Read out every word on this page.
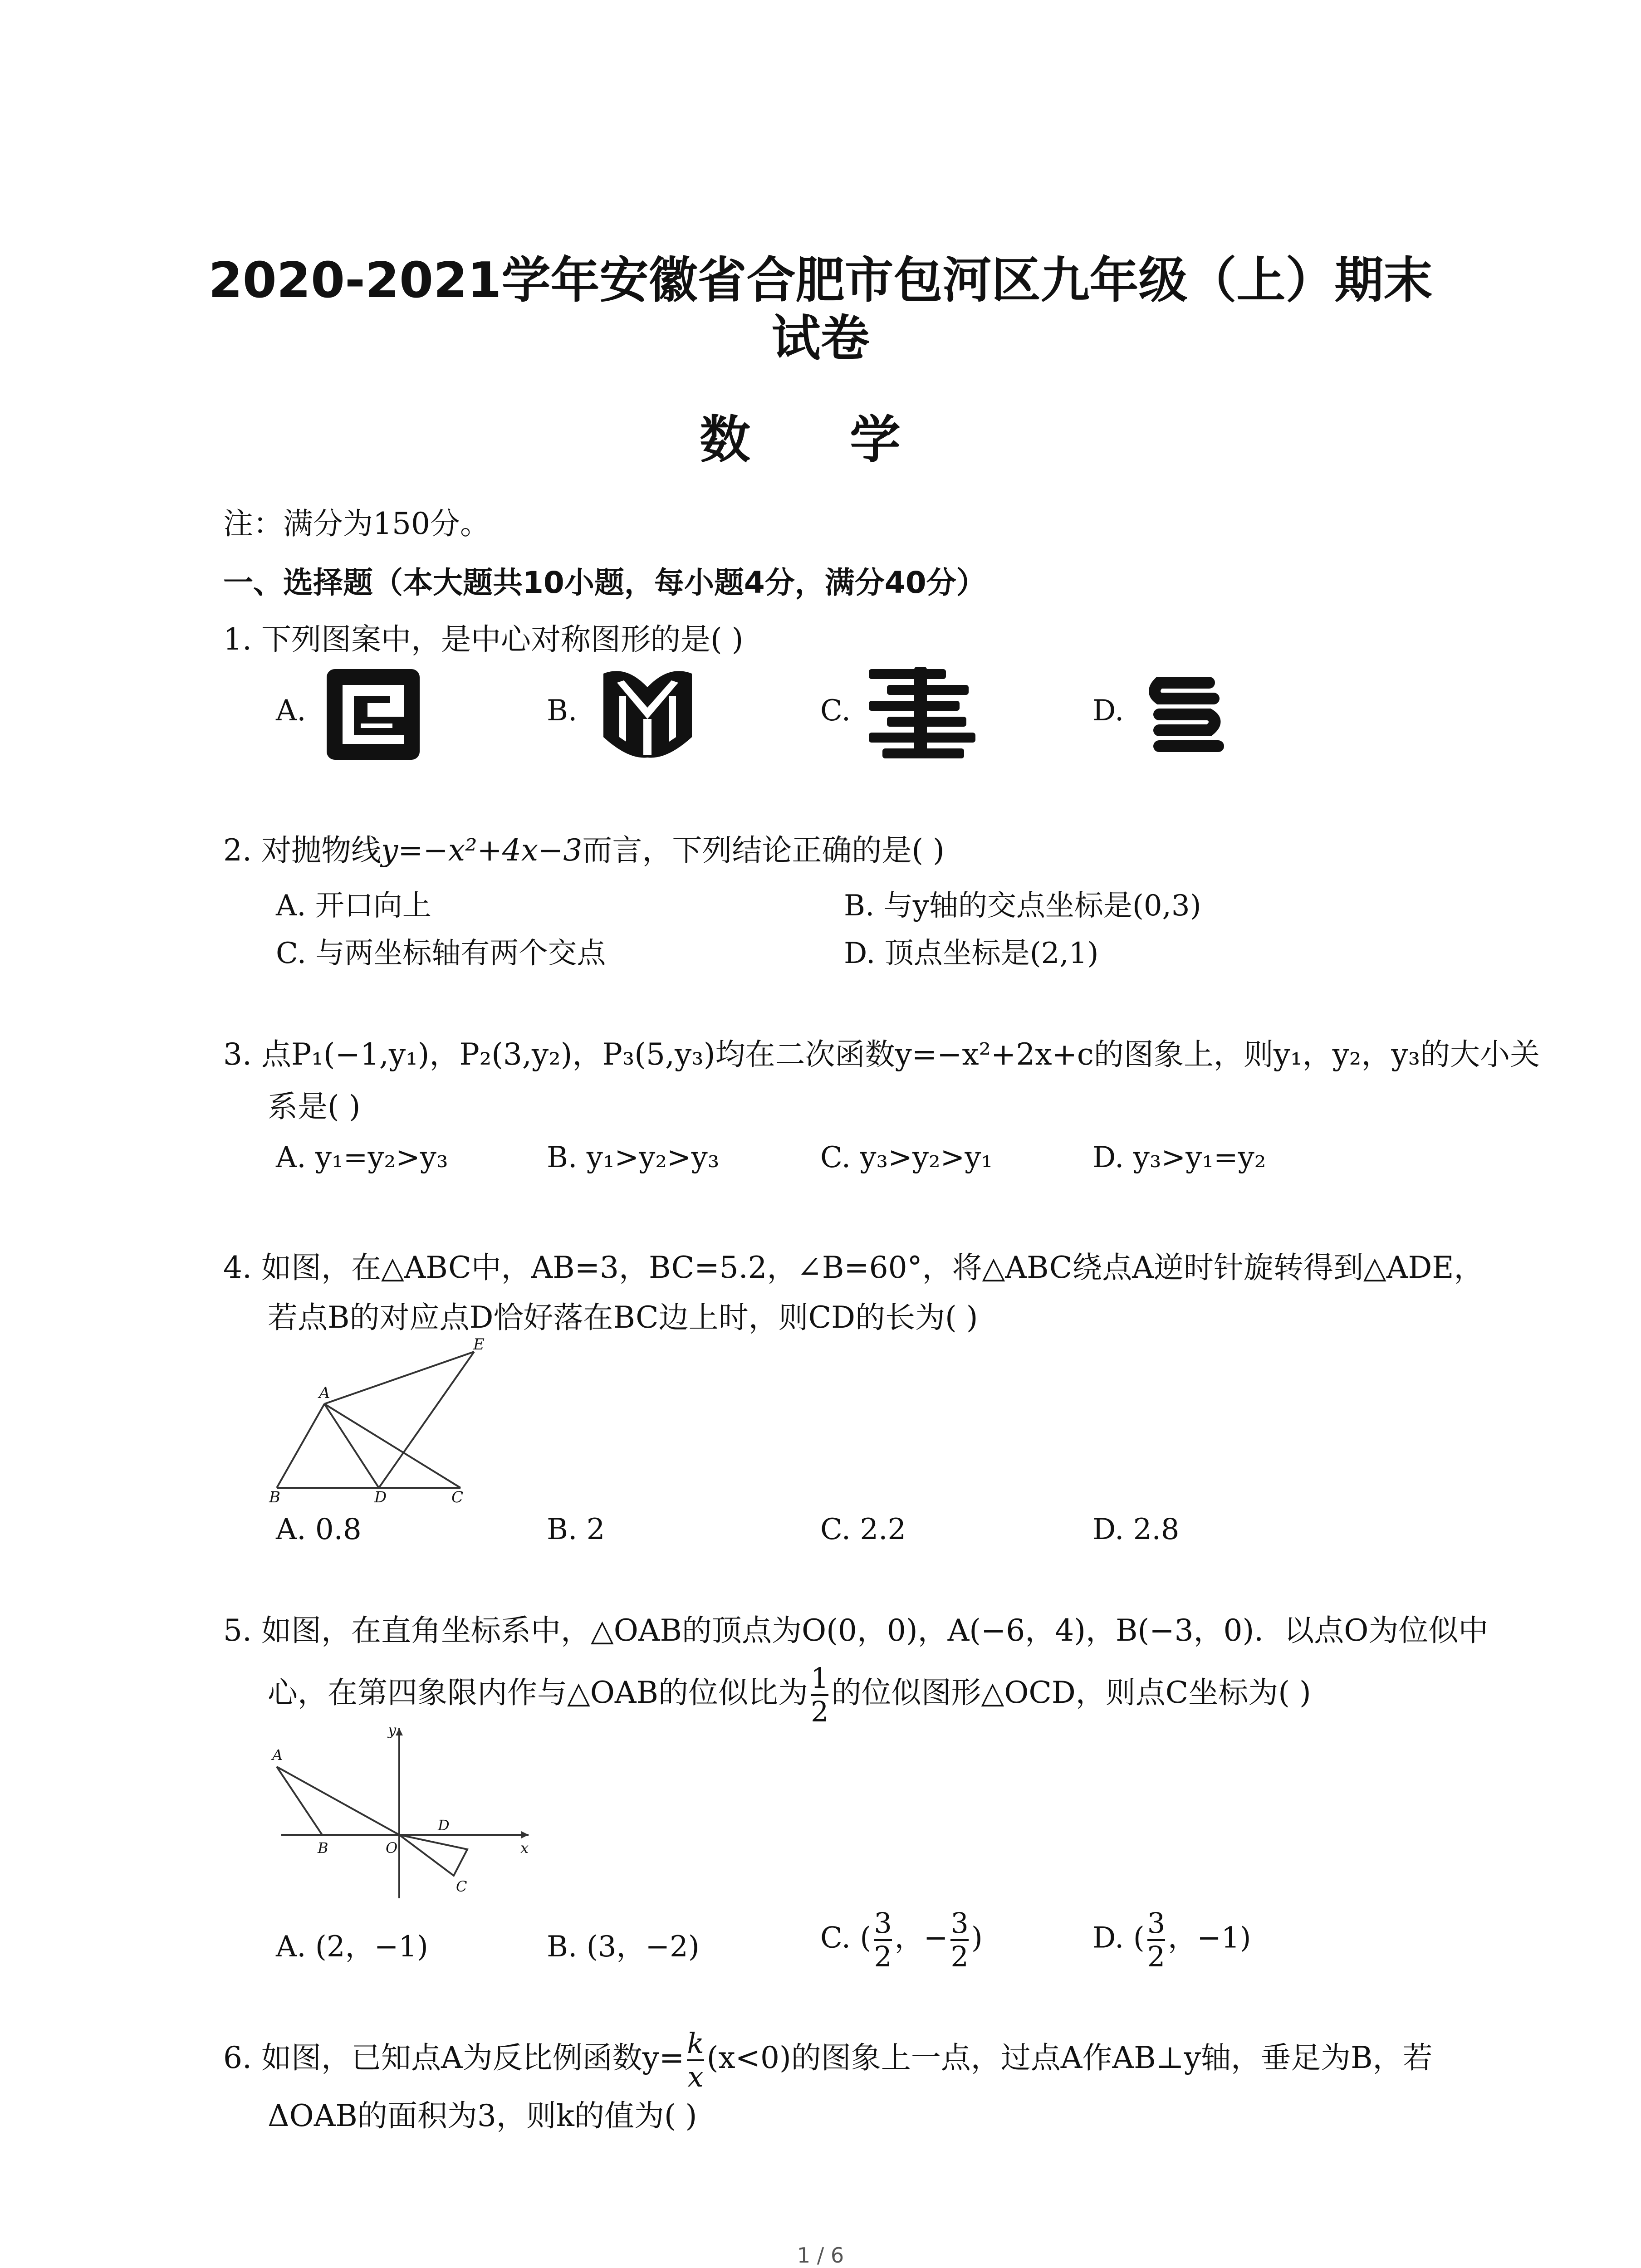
2020-2021学年安徽省合肥市包河区九年级（上）期末
试卷
数 学
注：满分为150分。
一、选择题（本大题共10小题，每小题4分，满分40分）
1. 下列图案中，是中心对称图形的是( )
A.	B.	C.	D.
2. 对抛物线y=−x²+4x−3而言，下列结论正确的是( )
A. 开口向上	B. 与y轴的交点坐标是(0,3)
C. 与两坐标轴有两个交点	D. 顶点坐标是(2,1)
3. 点P₁(−1,y₁)，P₂(3,y₂)，P₃(5,y₃)均在二次函数y=−x²+2x+c的图象上，则y₁，y₂，y₃的大小关
系是( )
A. y₁=y₂>y₃	B. y₁>y₂>y₃	C. y₃>y₂>y₁	D. y₃>y₁=y₂
4. 如图，在△ABC中，AB=3，BC=5.2，∠B=60°，将△ABC绕点A逆时针旋转得到△ADE，
若点B的对应点D恰好落在BC边上时，则CD的长为( )
A
B	C
D
E
A. 0.8	B. 2	C. 2.2	D. 2.8
5. 如图，在直角坐标系中，△OAB的顶点为O(0，0)，A(−6，4)，B(−3，0)．以点O为位似中
心，在第四象限内作与△OAB的位似比为 $\frac{1}{2}$ 的位似图形△OCD，则点C坐标为( )
y
A
B	O
D
x
C
A. (2，−1)	B. (3，−2)	C. ( $\frac{3}{2}$ ，− $\frac{3}{2}$ )	D. ( $\frac{3}{2}$ ，−1)
6. 如图，已知点A为反比例函数$y= \frac{k}{x} (x<0)$的图象上一点，过点A作AB⊥y轴，垂足为B，若
ΔOAB的面积为3，则k的值为( )
1 / 6
